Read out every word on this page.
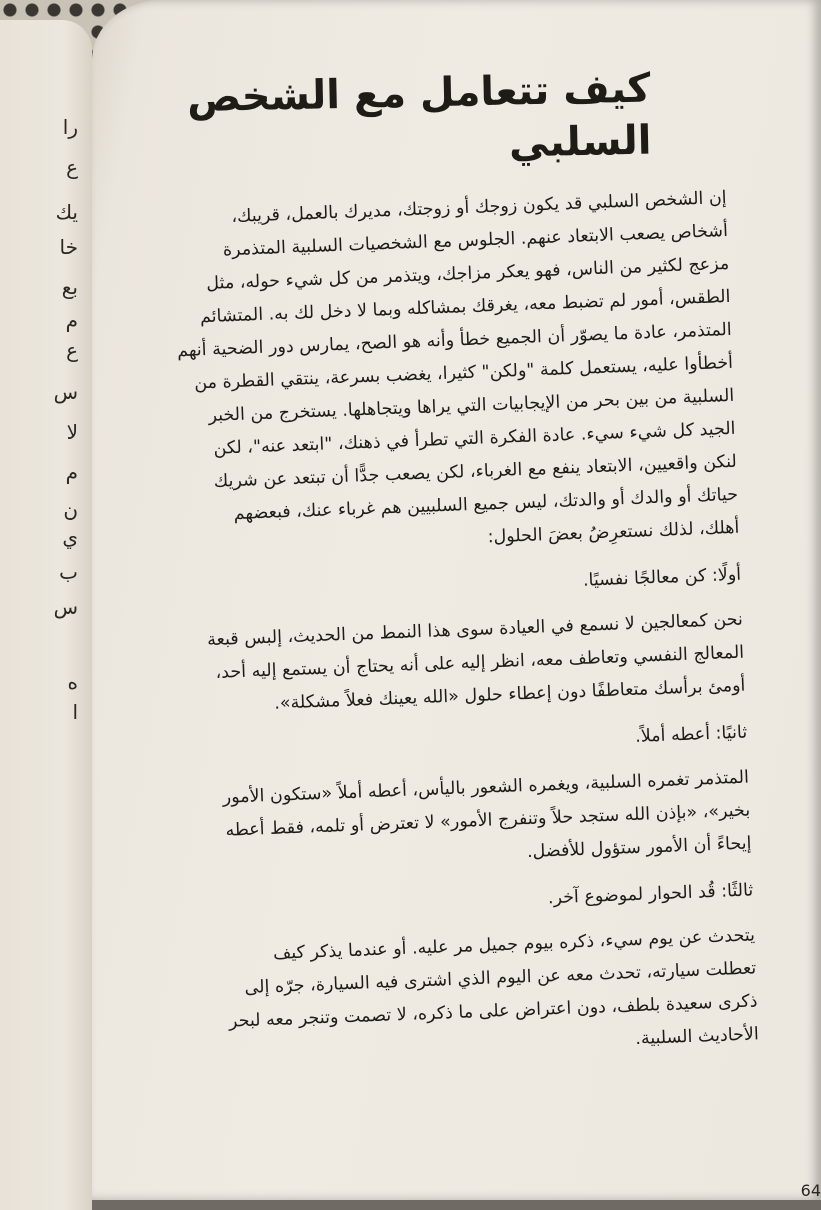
را
ع
يك
خا
بع
م
ع
س
لا
م
ن
ي
ب
س
ه
ا
كيف تتعامل مع الشخص السلبي

إن الشخص السلبي قد يكون زوجك أو زوجتك، مديرك بالعمل، قريبك،

أشخاص يصعب الابتعاد عنهم. الجلوس مع الشخصيات السلبية المتذمرة

مزعج لكثير من الناس، فهو يعكر مزاجك، ويتذمر من كل شيء حوله، مثل

الطقس، أمور لم تضبط معه، يغرقك بمشاكله وبما لا دخل لك به. المتشائم

المتذمر، عادة ما يصوّر أن الجميع خطأ وأنه هو الصح، يمارس دور الضحية أنهم

أخطأوا عليه، يستعمل كلمة "ولكن" كثيرا، يغضب بسرعة، ينتقي القطرة من

السلبية من بين بحر من الإيجابيات التي يراها ويتجاهلها. يستخرج من الخبر

الجيد كل شيء سيء. عادة الفكرة التي تطرأ في ذهنك، "ابتعد عنه"، لكن

لنكن واقعيين، الابتعاد ينفع مع الغرباء، لكن يصعب جدًّا أن تبتعد عن شريك

حياتك أو والدك أو والدتك، ليس جميع السلبيين هم غرباء عنك، فبعضهم

أهلك، لذلك نستعرِضُ بعضَ الحلول:

أولًا: كن معالجًا نفسيًا.

نحن كمعالجين لا نسمع في العيادة سوى هذا النمط من الحديث، إلبس قبعة

المعالج النفسي وتعاطف معه، انظر إليه على أنه يحتاج أن يستمع إليه أحد،

أومئ برأسك متعاطفًا دون إعطاء حلول «الله يعينك فعلاً مشكلة».

ثانيًا: أعطه أملاً.

المتذمر تغمره السلبية، ويغمره الشعور باليأس، أعطه أملاً «ستكون الأمور

بخير»، «بإذن الله ستجد حلاً وتنفرج الأمور» لا تعترض أو تلمه، فقط أعطه

إيحاءً أن الأمور ستؤول للأفضل.

ثالثًا: قُد الحوار لموضوع آخر.

يتحدث عن يوم سيء، ذكره بيوم جميل مر عليه. أو عندما يذكر كيف

تعطلت سيارته، تحدث معه عن اليوم الذي اشترى فيه السيارة، جرّه إلى

ذكرى سعيدة بلطف، دون اعتراض على ما ذكره، لا تصمت وتنجر معه لبحر

الأحاديث السلبية.

64
